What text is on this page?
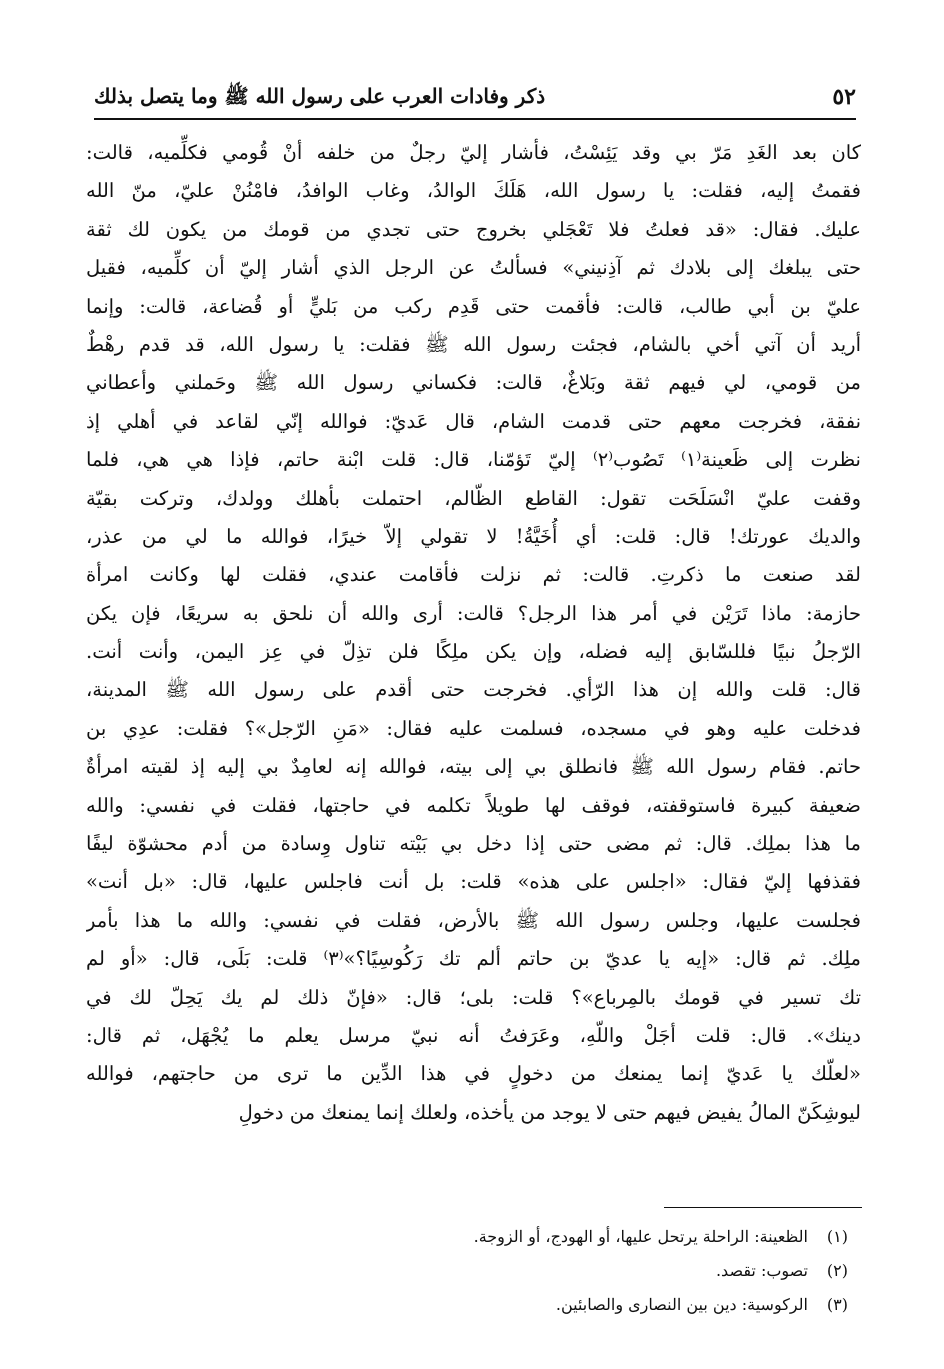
٥٢
ذكر وفادات العرب على رسول الله ﷺ وما يتصل بذلك
كان بعد الغَدِ مَرّ بي وقد يَئِسْتُ، فأشار إليّ رجلٌ من خلفه أنْ قُومي فكلِّميه، قالت:
فقمتُ إليه، فقلت: يا رسول الله، هَلَكَ الوالدُ، وغاب الوافدُ، فامْنُنْ عليّ، منّ الله
عليك. فقال: «قد فعلتُ فلا تَعْجَلي بخروج حتى تجدي من قومك من يكون لك ثقة
حتى يبلغك إلى بلادك ثم آذِنيني» فسألتُ عن الرجل الذي أشار إليّ أن كلِّميه، فقيل
عليّ بن أبي طالب، قالت: فأقمت حتى قَدِم ركب من بَليٍّ أو قُضاعة، قالت: وإنما
أريد أن آتي أخي بالشام، فجئت رسول الله ﷺ فقلت: يا رسول الله، قد قدم رهْطٌ
من قومي، لي فيهم ثقة وبَلاغٌ، قالت: فكساني رسول الله ﷺ وحَملني وأعطاني
نفقة، فخرجت معهم حتى قدمت الشام، قال عَديّ: فوالله إنّي لقاعد في أهلي إذ
نظرت إلى ظَعينة⁽١⁾ تَصُوب⁽٢⁾ إليّ تَؤمّنا، قال: قلت ابْنة حاتم، فإذا هي هي، فلما
وقفت عليّ انْسَلَحَت تقول: القاطع الظّالم، احتملت بأهلك وولدك، وتركت بقيّة
والديك عورتك! قال: قلت: أي أُخَيَّةُ! لا تقولي إلاّ خيرًا، فوالله ما لي من عذر،
لقد صنعت ما ذكرتِ. قالت: ثم نزلت فأقامت عندي، فقلت لها وكانت امرأة
حازمة: ماذا تَرَيْن في أمر هذا الرجل؟ قالت: أرى والله أن نلحق به سريعًا، فإن يكن
الرّجلُ نبيًا فللسّابق إليه فضله، وإن يكن ملِكًا فلن تذِلّ في عِز اليمن، وأنت أنت.
قال: قلت والله إن هذا الرّأي. فخرجت حتى أقدم على رسول الله ﷺ المدينة،
فدخلت عليه وهو في مسجده، فسلمت عليه فقال: «مَنِ الرّجل»؟ فقلت: عدِي بن
حاتم. فقام رسول الله ﷺ فانطلق بي إلى بيته، فوالله إنه لعامِدٌ بي إليه إذ لقيته امرأةٌ
ضعيفة كبيرة فاستوقفته، فوقف لها طويلاً تكلمه في حاجتها، فقلت في نفسي: والله
ما هذا بملِك. قال: ثم مضى حتى إذا دخل بي بَيْته تناول وِسادة من أدم محشوّة ليفًا
فقذفها إليّ فقال: «اجلس على هذه» قلت: بل أنت فاجلس عليها، قال: «بل أنت»
فجلست عليها، وجلس رسول الله ﷺ بالأرض، فقلت في نفسي: والله ما هذا بأمر
ملِك. ثم قال: «إيه يا عديّ بن حاتم ألم تك رَكُوسِيًا؟»⁽٣⁾ قلت: بَلَى، قال: «أو لم
تك تسير في قومك بالمِرباع»؟ قلت: بلى؛ قال: «فإنّ ذلك لم يك يَحِلّ لك في
دينك». قال: قلت أجَلْ واللّهِ، وعَرَفتُ أنه نبيّ مرسل يعلم ما يُجْهَل، ثم قال:
«لعلّك يا عَديّ إنما يمنعك من دخولٍ في هذا الدِّين ما ترى من حاجتهم، فوالله
ليوشِكَنّ المالُ يفيض فيهم حتى لا يوجد من يأخذه، ولعلك إنما يمنعك من دخولِ
(١)الظعينة: الراحلة يرتحل عليها، أو الهودج، أو الزوجة.
(٢)تصوب: تقصد.
(٣)الركوسية: دين بين النصارى والصابئين.
